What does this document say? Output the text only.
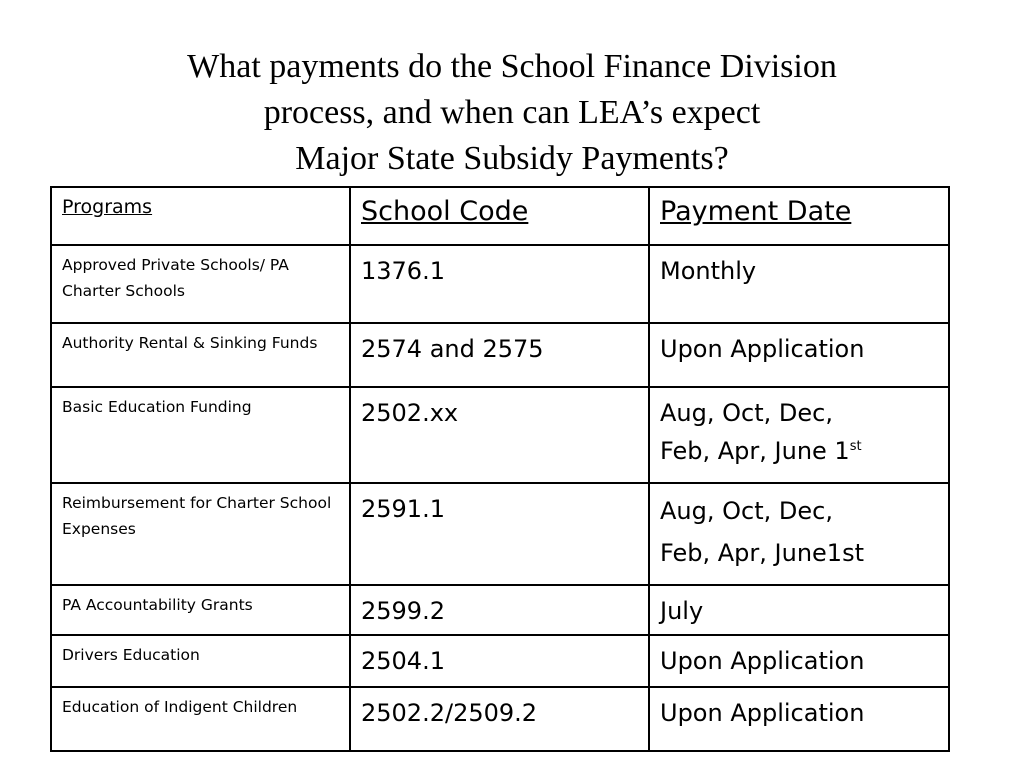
What payments do the School Finance Division
process, and when can LEA’s expect
Major State Subsidy Payments?
Programs	School Code	Payment Date
Approved Private Schools/ PA Charter Schools	1376.1	Monthly
Authority Rental & Sinking Funds	2574 and 2575	Upon Application
Basic Education Funding	2502.xx	Aug, Oct, Dec,
Feb, Apr, June 1st

Reimbursement for Charter School Expenses	2591.1	Aug, Oct, Dec,
Feb, Apr, June1st

PA Accountability Grants	2599.2	July
Drivers Education	2504.1	Upon Application
Education of Indigent Children	2502.2/2509.2	Upon Application
